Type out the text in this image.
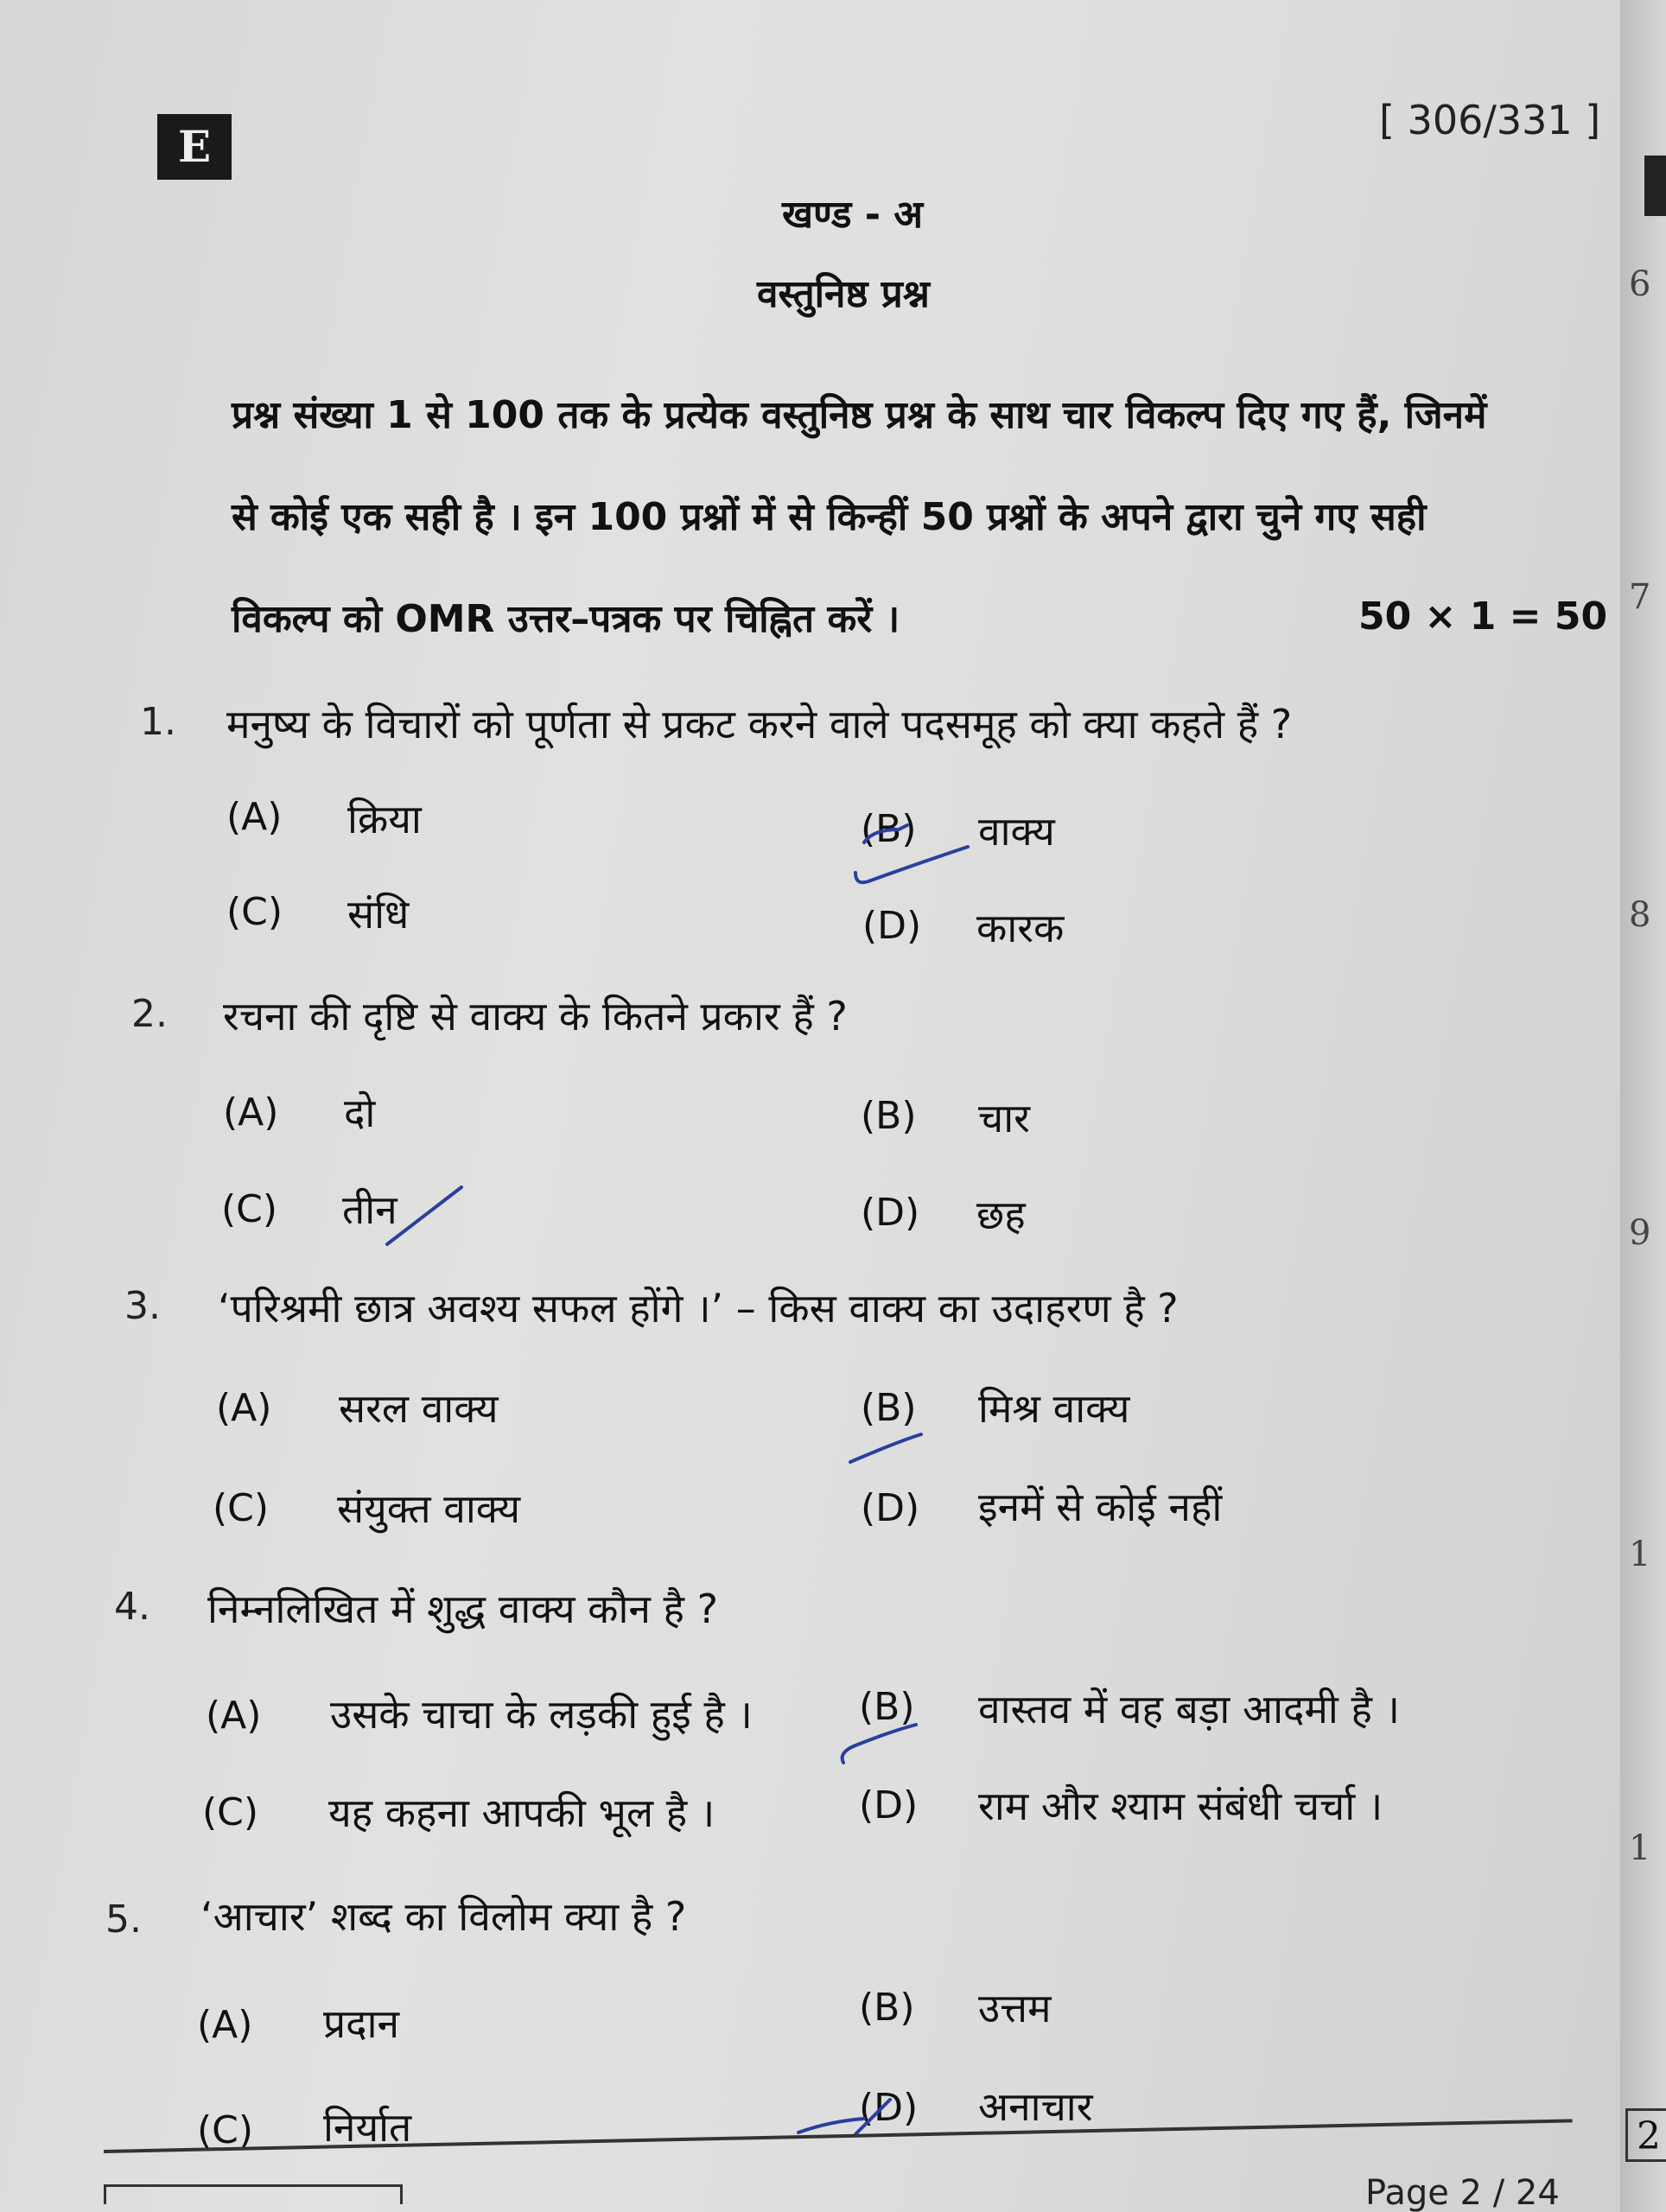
E
[ 306/331 ]
खण्ड - अ
वस्तुनिष्ठ प्रश्न
प्रश्न संख्या 1 से 100 तक के प्रत्येक वस्तुनिष्ठ प्रश्न के साथ चार विकल्प दिए गए हैं, जिनमें
से कोई एक सही है । इन 100 प्रश्नों में से किन्हीं 50 प्रश्नों के अपने द्वारा चुने गए सही
विकल्प को OMR उत्तर–पत्रक पर चिह्नित करें ।	50 × 1 = 50
1. मनुष्य के विचारों को पूर्णता से प्रकट करने वाले पदसमूह को क्या कहते हैं ?
(A) क्रिया	(B) वाक्य
(C) संधि	(D) कारक
2. रचना की दृष्टि से वाक्य के कितने प्रकार हैं ?
(A) दो	(B) चार
(C) तीन	(D) छह
3. ‘परिश्रमी छात्र अवश्य सफल होंगे ।’ – किस वाक्य का उदाहरण है ?
(A) सरल वाक्य	(B) मिश्र वाक्य
(C) संयुक्त वाक्य	(D) इनमें से कोई नहीं
4. निम्नलिखित में शुद्ध वाक्य कौन है ?
(A) उसके चाचा के लड़की हुई है ।	(B) वास्तव में वह बड़ा आदमी है ।
(C) यह कहना आपकी भूल है ।	(D) राम और श्याम संबंधी चर्चा ।
5. ‘आचार’ शब्द का विलोम क्या है ?
(A) प्रदान	(B) उत्तम
(C) निर्यात	(D) अनाचार
Page 2 / 24
6
7
8
9
1
1
2
